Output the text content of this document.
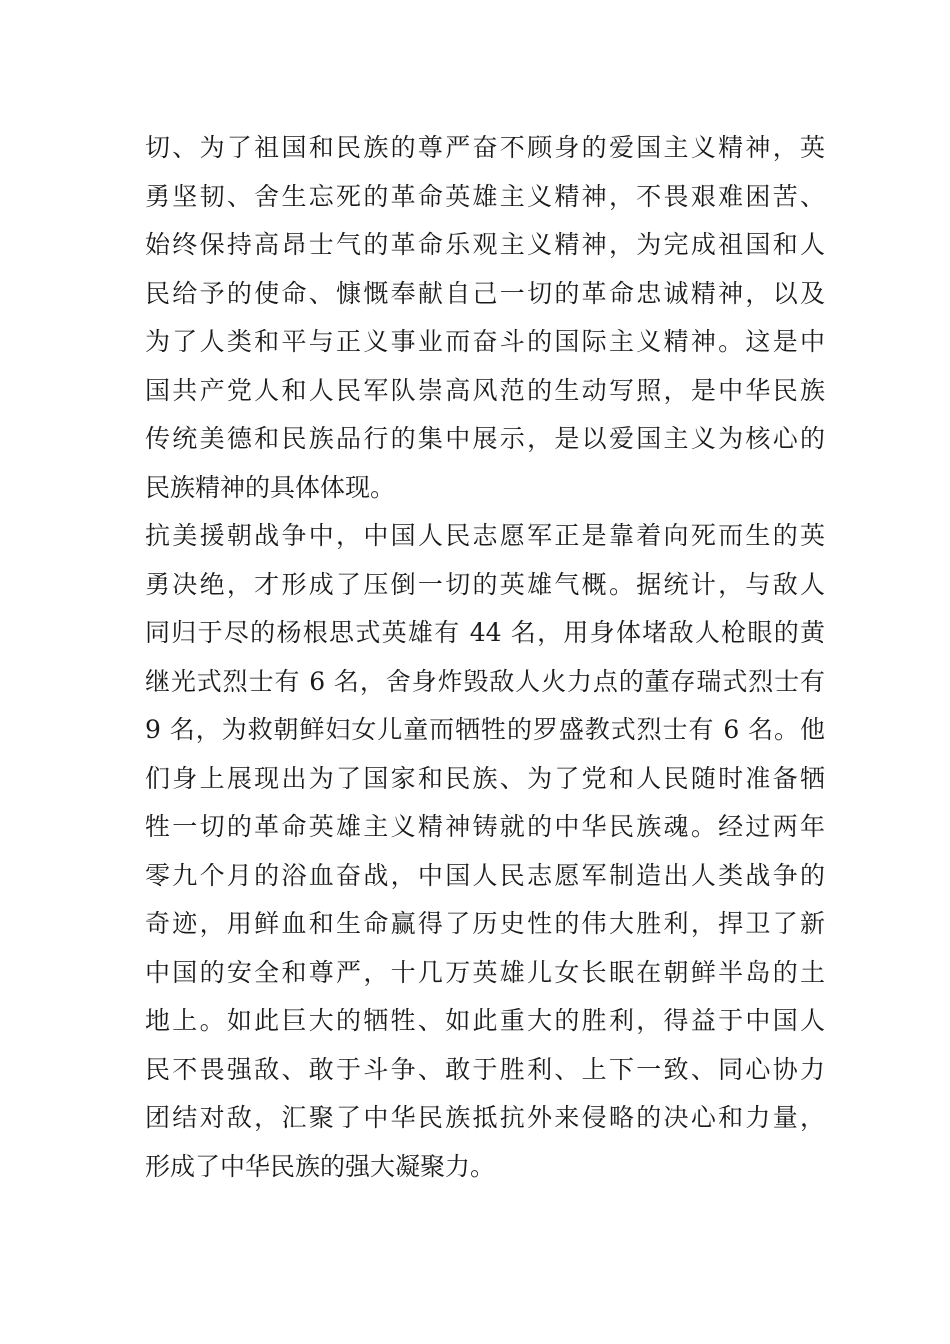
切、为了祖国和民族的尊严奋不顾身的爱国主义精神，英
勇坚韧、舍生忘死的革命英雄主义精神，不畏艰难困苦、
始终保持高昂士气的革命乐观主义精神，为完成祖国和人
民给予的使命、慷慨奉献自己一切的革命忠诚精神，以及
为了人类和平与正义事业而奋斗的国际主义精神。这是中
国共产党人和人民军队崇高风范的生动写照，是中华民族
传统美德和民族品行的集中展示，是以爱国主义为核心的
民族精神的具体体现。
抗美援朝战争中，中国人民志愿军正是靠着向死而生的英
勇决绝，才形成了压倒一切的英雄气概。据统计，与敌人
同归于尽的杨根思式英雄有 44 名，用身体堵敌人枪眼的黄
继光式烈士有 6 名，舍身炸毁敌人火力点的董存瑞式烈士有
9 名，为救朝鲜妇女儿童而牺牲的罗盛教式烈士有 6 名。他
们身上展现出为了国家和民族、为了党和人民随时准备牺
牲一切的革命英雄主义精神铸就的中华民族魂。经过两年
零九个月的浴血奋战，中国人民志愿军制造出人类战争的
奇迹，用鲜血和生命赢得了历史性的伟大胜利，捍卫了新
中国的安全和尊严，十几万英雄儿女长眠在朝鲜半岛的土
地上。如此巨大的牺牲、如此重大的胜利，得益于中国人
民不畏强敌、敢于斗争、敢于胜利、上下一致、同心协力
团结对敌，汇聚了中华民族抵抗外来侵略的决心和力量，
形成了中华民族的强大凝聚力。
